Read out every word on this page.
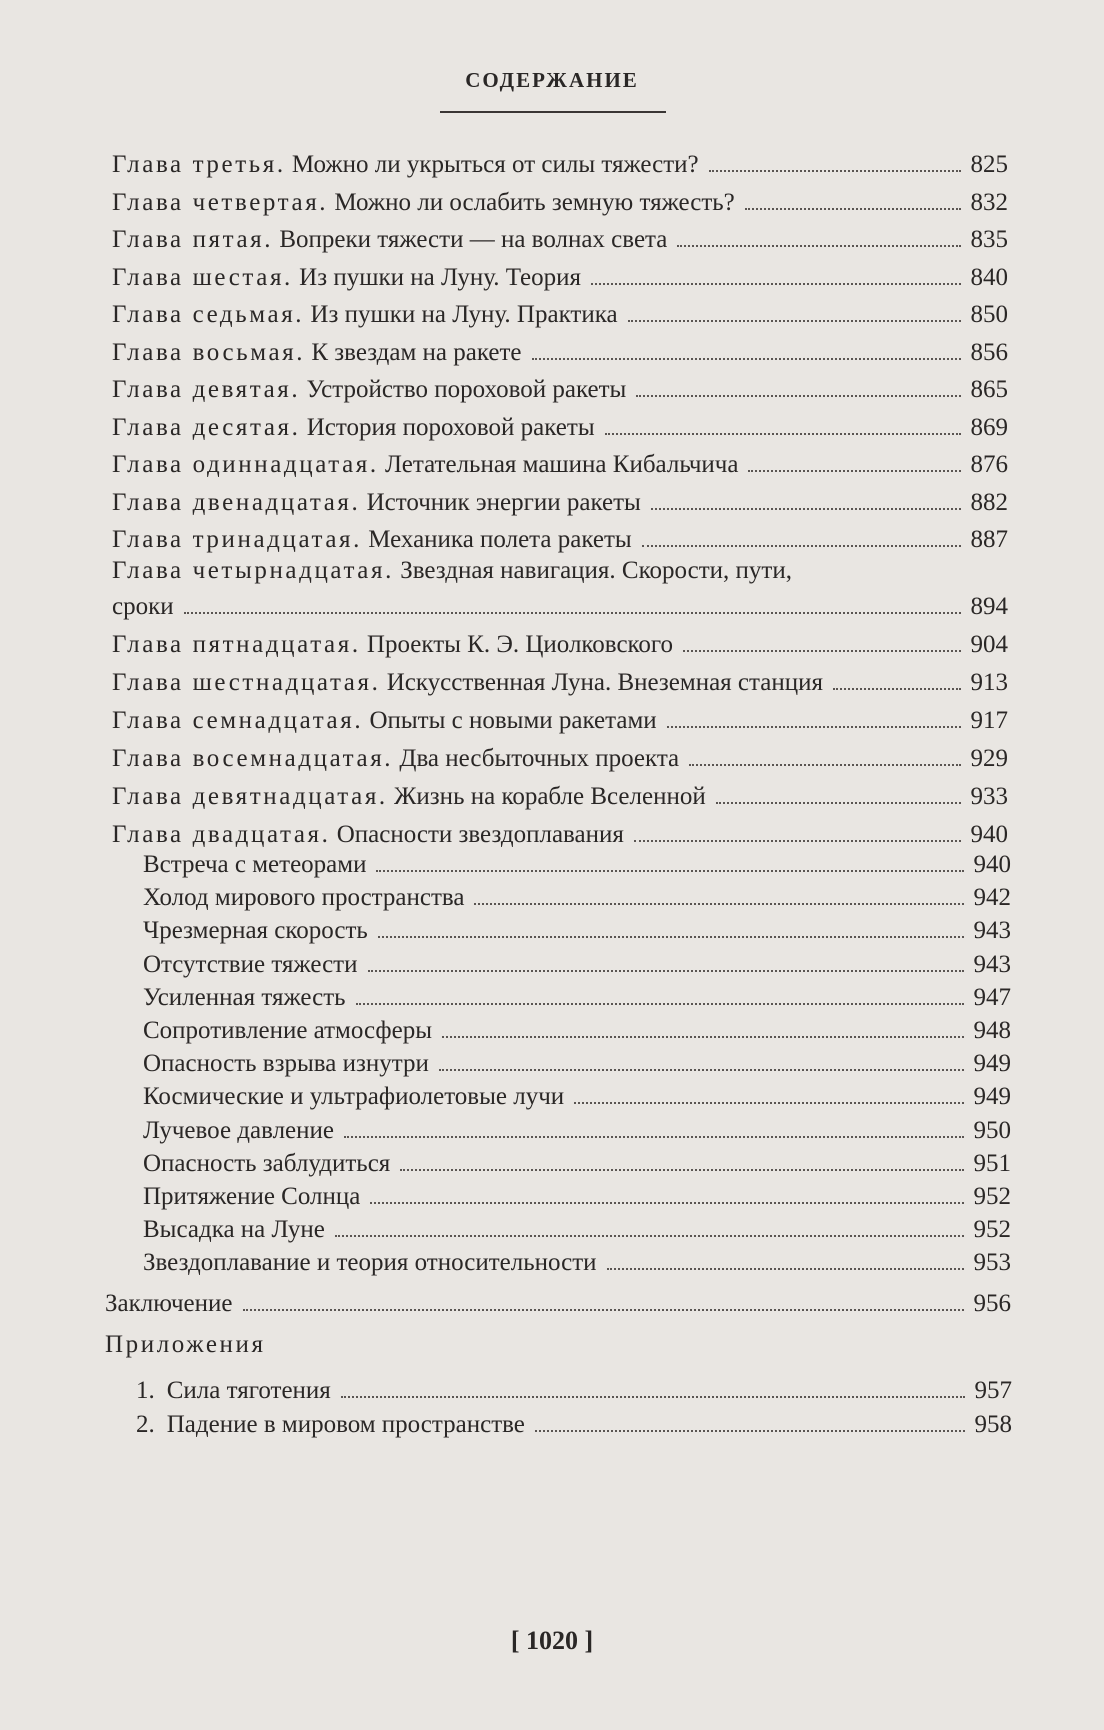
СОДЕРЖАНИЕ
Глава третья. Можно ли укрыться от силы тяжести?	825
Глава четвертая. Можно ли ослабить земную тяжесть?	832
Глава пятая. Вопреки тяжести — на волнах света	835
Глава шестая. Из пушки на Луну. Теория	840
Глава седьмая. Из пушки на Луну. Практика	850
Глава восьмая. К звездам на ракете	856
Глава девятая. Устройство пороховой ракеты	865
Глава десятая. История пороховой ракеты	869
Глава одиннадцатая. Летательная машина Кибальчича	876
Глава двенадцатая. Источник энергии ракеты	882
Глава тринадцатая. Механика полета ракеты	887
Глава четырнадцатая. Звездная навигация. Скорости, пути,
сроки	894
Глава пятнадцатая. Проекты К. Э. Циолковского	904
Глава шестнадцатая. Искусственная Луна. Внеземная станция	913
Глава семнадцатая. Опыты с новыми ракетами	917
Глава восемнадцатая. Два несбыточных проекта	929
Глава девятнадцатая. Жизнь на корабле Вселенной	933
Глава двадцатая. Опасности звездоплавания	940
Встреча с метеорами	940
Холод мирового пространства	942
Чрезмерная скорость	943
Отсутствие тяжести	943
Усиленная тяжесть	947
Сопротивление атмосферы	948
Опасность взрыва изнутри	949
Космические и ультрафиолетовые лучи	949
Лучевое давление	950
Опасность заблудиться	951
Притяжение Солнца	952
Высадка на Луне	952
Звездоплавание и теория относительности	953
Заключение	956
Приложения
1. Сила тяготения	957
2. Падение в мировом пространстве	958
[ 1020 ]
